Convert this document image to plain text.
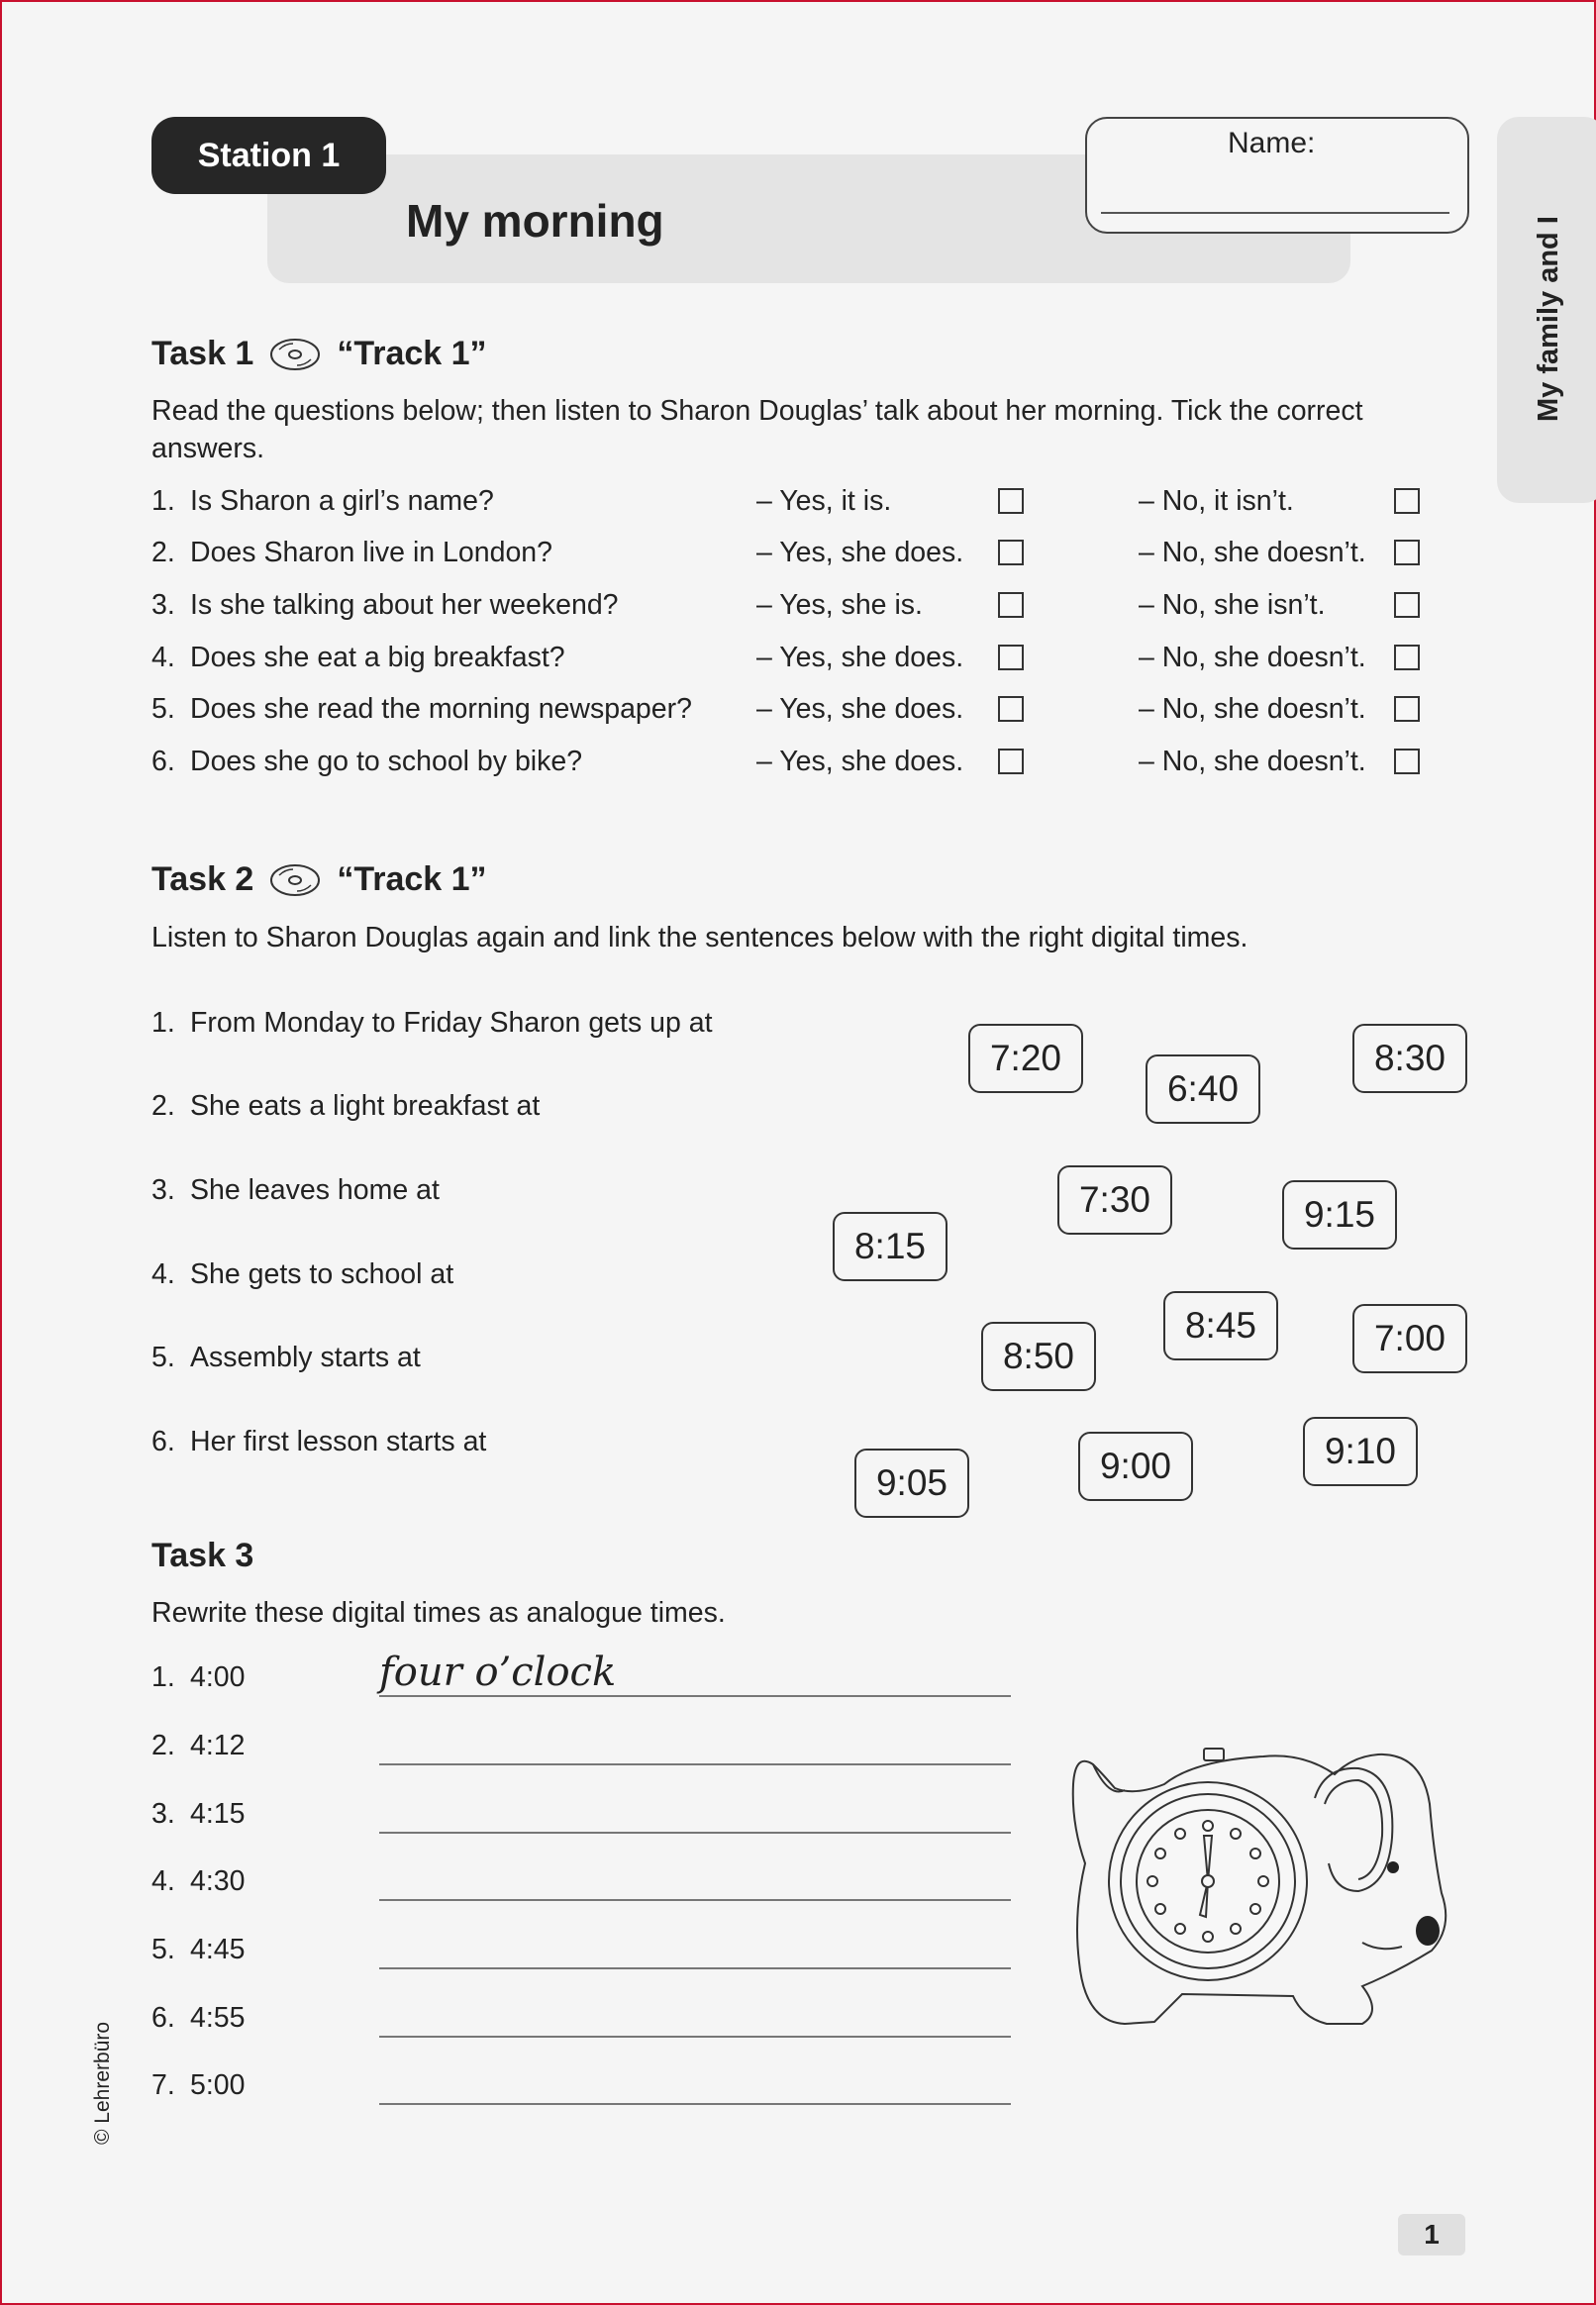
Station 1
My morning
Name:
Task 1 “Track 1”
Read the questions below; then listen to Sharon Douglas’ talk about her morning. Tick the correct answers.
1. Is Sharon a girl’s name?	– Yes, it is.	– No, it isn’t.
2. Does Sharon live in London?	– Yes, she does.	– No, she doesn’t.
3. Is she talking about her weekend?	– Yes, she is.	– No, she isn’t.
4. Does she eat a big breakfast?	– Yes, she does.	– No, she doesn’t.
5. Does she read the morning newspaper? – Yes, she does.	– No, she doesn’t.
6. Does she go to school by bike?	– Yes, she does.	– No, she doesn’t.
Task 2 “Track 1”
Listen to Sharon Douglas again and link the sentences below with the right digital times.
1. From Monday to Friday Sharon gets up at
2. She eats a light breakfast at
3. She leaves home at
4. She gets to school at
5. Assembly starts at
6. Her first lesson starts at
7:20
6:40
8:30
7:30	9:15
8:15
8:45	7:00
8:50
9:10
9:00
9:05
Task 3
Rewrite these digital times as analogue times.
1. 4:00	four o’clock
2. 4:12
3. 4:15
4. 4:30
5. 4:45
6. 4:55
7. 5:00
© Lehrerbüro
1
